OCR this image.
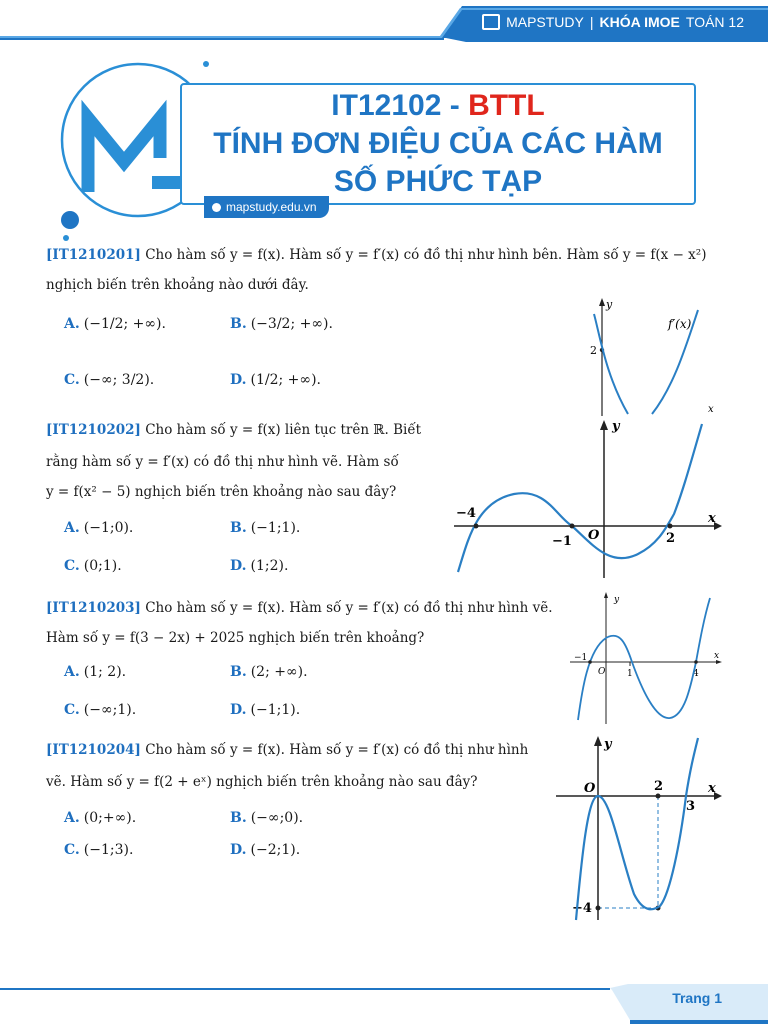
MAPSTUDY | KHÓA IMOE TOÁN 12
IT12102 - BTTL
TÍNH ĐƠN ĐIỆU CỦA CÁC HÀM
SỐ PHỨC TẠP
mapstudy.edu.vn
[IT1210201] Cho hàm số y = f(x). Hàm số y = f′(x) có đồ thị như hình bên. Hàm số y = f(x − x²)
nghịch biến trên khoảng nào dưới đây.
A. (−1/2; +∞).	B. (−3/2; +∞).
C. (−∞; 3/2).	D. (1/2; +∞).
y
x
2
f′(x)
[IT1210202] Cho hàm số y = f(x) liên tục trên ℝ. Biết
rằng hàm số y = f′(x) có đồ thị như hình vẽ. Hàm số
y = f(x² − 5) nghịch biến trên khoảng nào sau đây?
A. (−1;0).	B. (−1;1).
C. (0;1).	D. (1;2).
x
y
O
−4
−1	2
[IT1210203] Cho hàm số y = f(x). Hàm số y = f′(x) có đồ thị như hình vẽ.
Hàm số y = f(3 − 2x) + 2025 nghịch biến trên khoảng?
A. (1; 2).	B. (2; +∞).
C. (−∞;1).	D. (−1;1).
x
y
O
−1
1	4
[IT1210204] Cho hàm số y = f(x). Hàm số y = f′(x) có đồ thị như hình
vẽ. Hàm số y = f(2 + eˣ) nghịch biến trên khoảng nào sau đây?
A. (0;+∞).	B. (−∞;0).
C. (−1;3).	D. (−2;1).
x
y
O	2
3
−4
Trang 1
